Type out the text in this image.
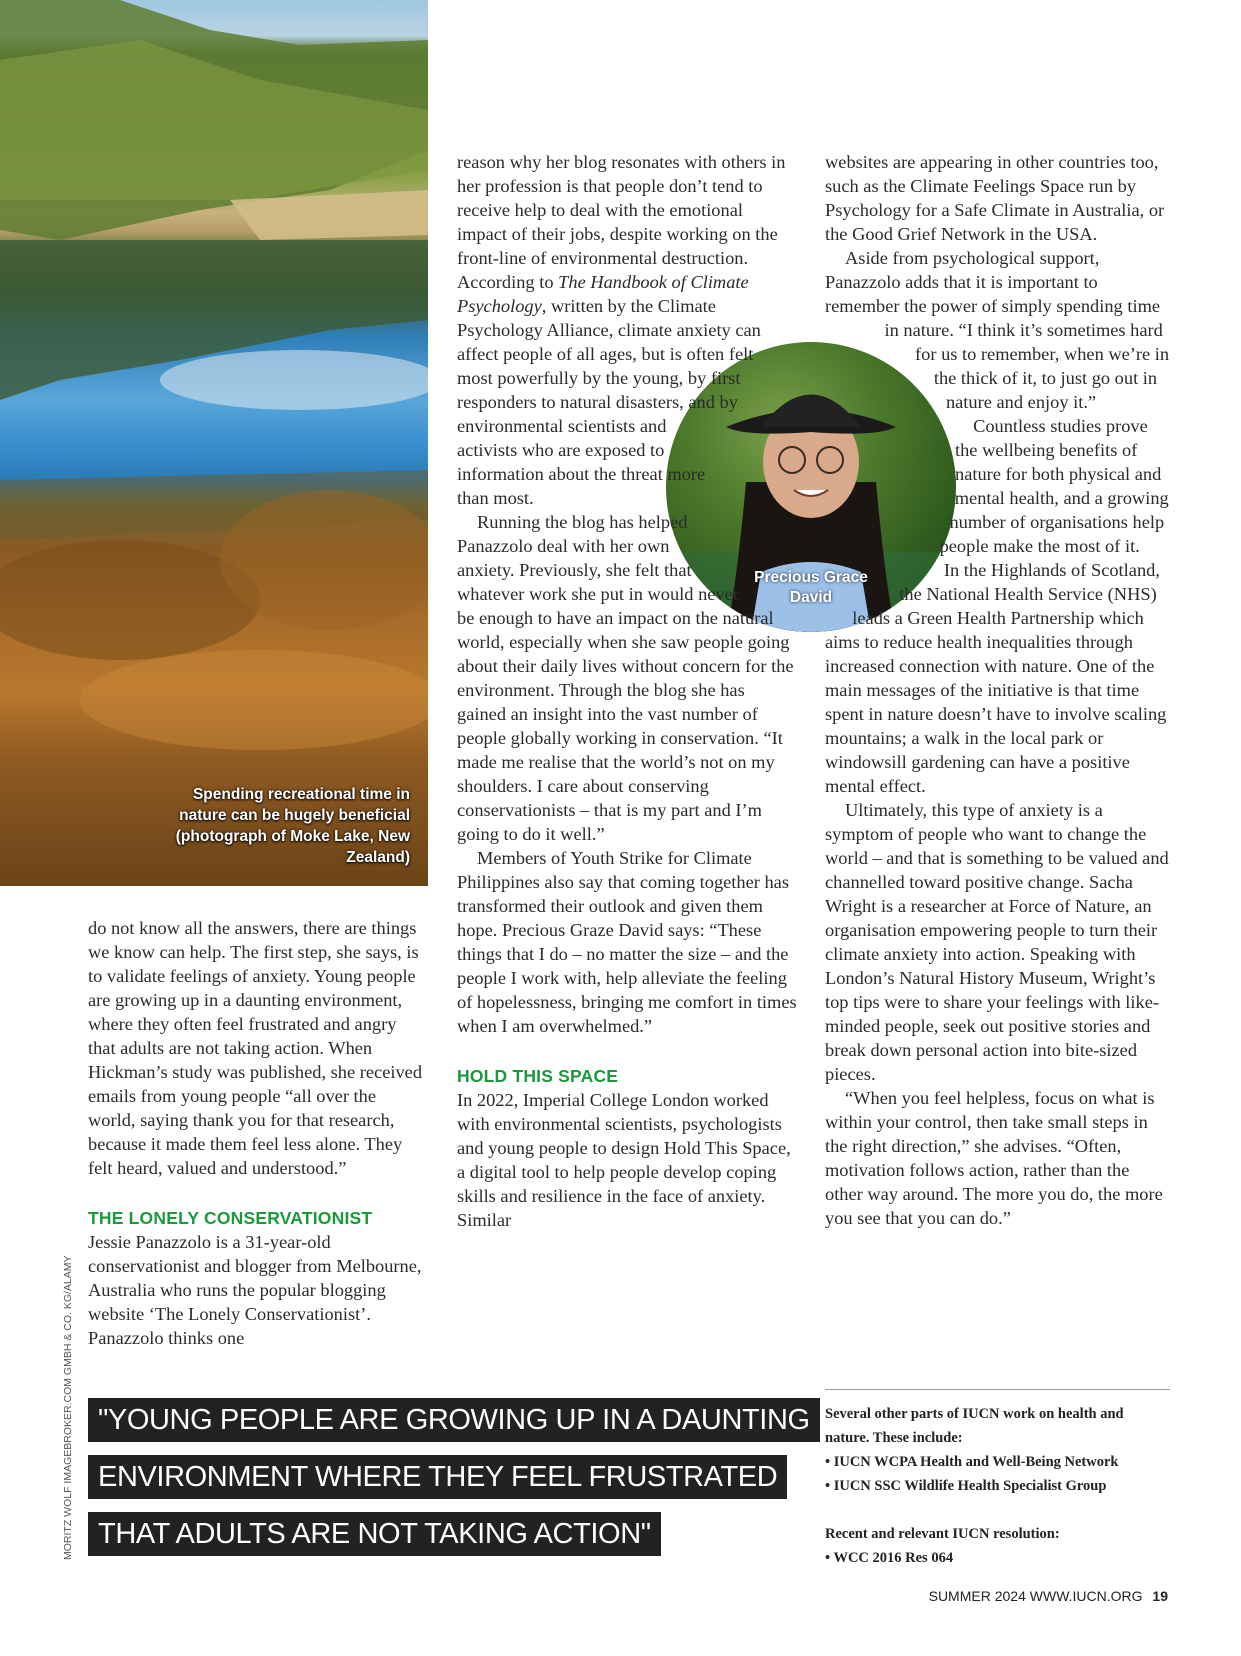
Spending recreational time in nature can be hugely beneficial (photograph of Moke Lake, New Zealand)
MORITZ WOLF IMAGEBROKER.COM GMBH & CO. KG/ALAMY
Precious Grace David

do not know all the answers, there are things we know can help. The first step, she says, is to validate feelings of anxiety. Young people are growing up in a daunting environment, where they often feel frustrated and angry that adults are not taking action. When Hickman’s study was published, she received emails from young people “all over the world, saying thank you for that research, because it made them feel less alone. They felt heard, valued and understood.”

THE LONELY CONSERVATIONIST

Jessie Panazzolo is a 31-year-old conservationist and blogger from Melbourne, Australia who runs the popular blogging website ‘The Lonely Conservationist’. Panazzolo thinks one

reason why her blog resonates with others in her profession is that people don’t tend to receive help to deal with the emotional impact of their jobs, despite working on the front-line of environmental destruction. According to The Handbook of Climate Psychology, written by the Climate Psychology Alliance, climate anxiety can affect people of all ages, but is often felt most powerfully by the young, by first responders to natural disasters, and by environmental scientists and activists who are exposed to information about the threat more than most.

Running the blog has helped Panazzolo deal with her own anxiety. Previously, she felt that whatever work she put in would never be enough to have an impact on the natural world, especially when she saw people going about their daily lives without concern for the environment. Through the blog she has gained an insight into the vast number of people globally working in conservation. “It made me realise that the world’s not on my shoulders. I care about conserving conservationists – that is my part and I’m going to do it well.”

Members of Youth Strike for Climate Philippines also say that coming together has transformed their outlook and given them hope. Precious Graze David says: “These things that I do – no matter the size – and the people I work with, help alleviate the feeling of hopelessness, bringing me comfort in times when I am overwhelmed.”

HOLD THIS SPACE

In 2022, Imperial College London worked with environmental scientists, psychologists and young people to design Hold This Space, a digital tool to help people develop coping skills and resilience in the face of anxiety. Similar

websites are appearing in other countries too, such as the Climate Feelings Space run by Psychology for a Safe Climate in Australia, or the Good Grief Network in the USA.

Aside from psychological support, Panazzolo adds that it is important to remember the power of simply spending time in nature. “I think it’s sometimes hard for us to remember, when we’re in the thick of it, to just go out in nature and enjoy it.”

Countless studies prove the wellbeing benefits of nature for both physical and mental health, and a growing number of organisations help people make the most of it.

In the Highlands of Scotland, the National Health Service (NHS) leads a Green Health Partnership which aims to reduce health inequalities through increased connection with nature. One of the main messages of the initiative is that time spent in nature doesn’t have to involve scaling mountains; a walk in the local park or windowsill gardening can have a positive mental effect.

Ultimately, this type of anxiety is a symptom of people who want to change the world – and that is something to be valued and channelled toward positive change. Sacha Wright is a researcher at Force of Nature, an organisation empowering people to turn their climate anxiety into action. Speaking with London’s Natural History Museum, Wright’s top tips were to share your feelings with like-minded people, seek out positive stories and break down personal action into bite-sized pieces.

“When you feel helpless, focus on what is within your control, then take small steps in the right direction,” she advises. “Often, motivation follows action, rather than the other way around. The more you do, the more you see that you can do.”

"YOUNG PEOPLE ARE GROWING UP IN A DAUNTING
ENVIRONMENT WHERE THEY FEEL FRUSTRATED
THAT ADULTS ARE NOT TAKING ACTION"
Several other parts of IUCN work on health and nature. These include:
• IUCN WCPA Health and Well-Being Network
• IUCN SSC Wildlife Health Specialist Group
Recent and relevant IUCN resolution:
• WCC 2016 Res 064
SUMMER 2024 WWW.IUCN.ORG 19
